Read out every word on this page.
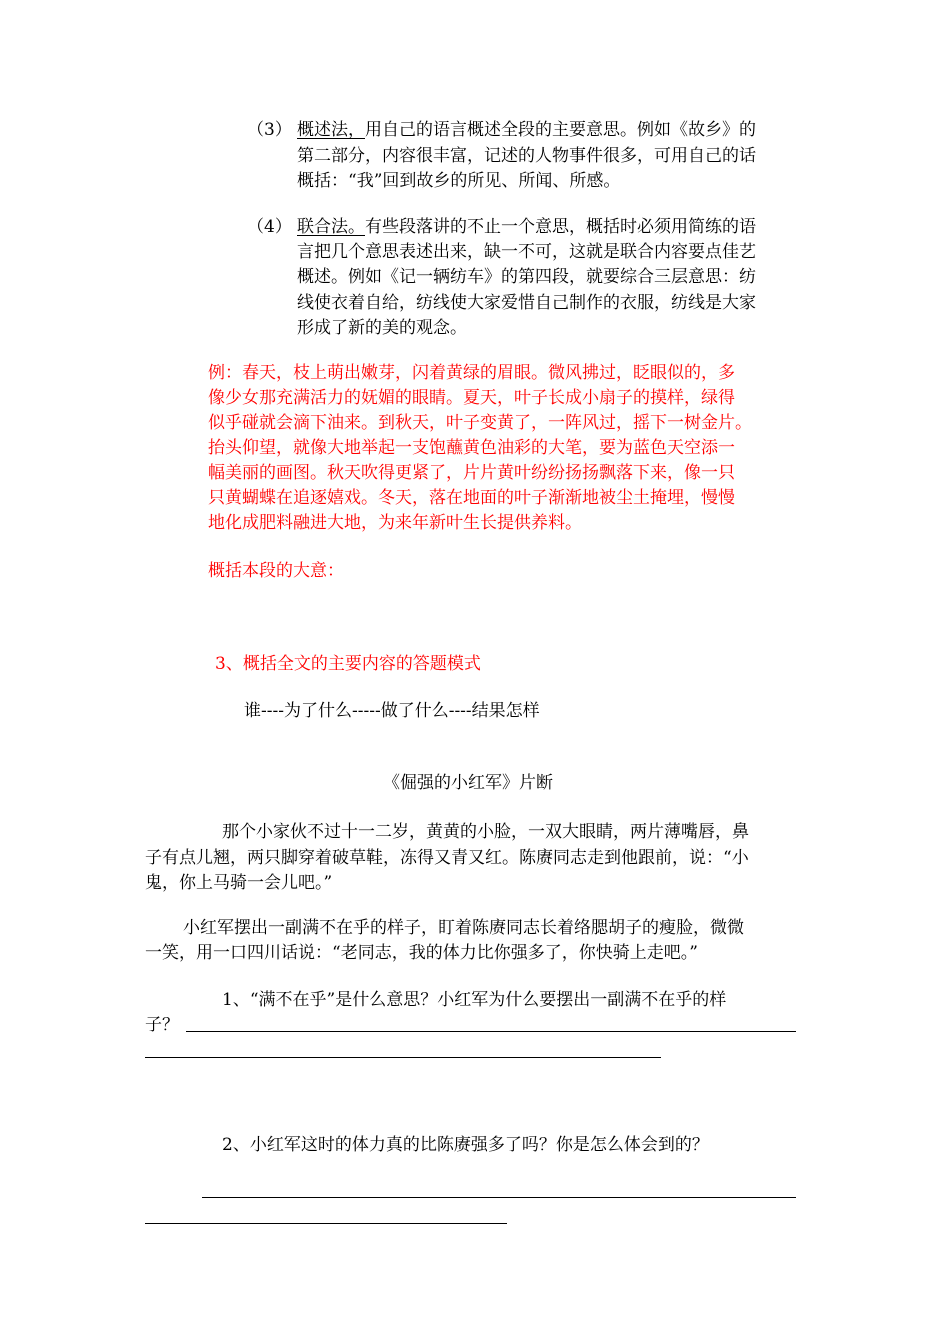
（3） 概述法，用自己的语言概述全段的主要意思。例如《故乡》的
第二部分，内容很丰富，记述的人物事件很多，可用自己的话
概括：“我”回到故乡的所见、所闻、所感。
（4） 联合法。有些段落讲的不止一个意思，概括时必须用简练的语
言把几个意思表述出来，缺一不可，这就是联合内容要点佳艺
概述。例如《记一辆纺车》的第四段，就要综合三层意思：纺
线使衣着自给，纺线使大家爱惜自己制作的衣服，纺线是大家
形成了新的美的观念。
例：春天，枝上萌出嫩芽，闪着黄绿的眉眼。微风拂过，眨眼似的，多
像少女那充满活力的妩媚的眼睛。夏天，叶子长成小扇子的摸样，绿得
似乎碰就会滴下油来。到秋天，叶子变黄了，一阵风过，摇下一树金片。
抬头仰望，就像大地举起一支饱蘸黄色油彩的大笔，要为蓝色天空添一
幅美丽的画图。秋天吹得更紧了，片片黄叶纷纷扬扬飘落下来，像一只
只黄蝴蝶在追逐嬉戏。冬天，落在地面的叶子渐渐地被尘土掩埋，慢慢
地化成肥料融进大地，为来年新叶生长提供养料。
概括本段的大意：
3、概括全文的主要内容的答题模式
谁----为了什么-----做了什么----结果怎样
《倔强的小红军》片断
那个小家伙不过十一二岁，黄黄的小脸，一双大眼睛，两片薄嘴唇，鼻
子有点儿翘，两只脚穿着破草鞋，冻得又青又红。陈赓同志走到他跟前，说：“小
鬼，你上马骑一会儿吧。”
小红军摆出一副满不在乎的样子，盯着陈赓同志长着络腮胡子的瘦脸，微微
一笑，用一口四川话说：“老同志，我的体力比你强多了，你快骑上走吧。”
1、“满不在乎”是什么意思？小红军为什么要摆出一副满不在乎的样
子？
2、小红军这时的体力真的比陈赓强多了吗？你是怎么体会到的？
